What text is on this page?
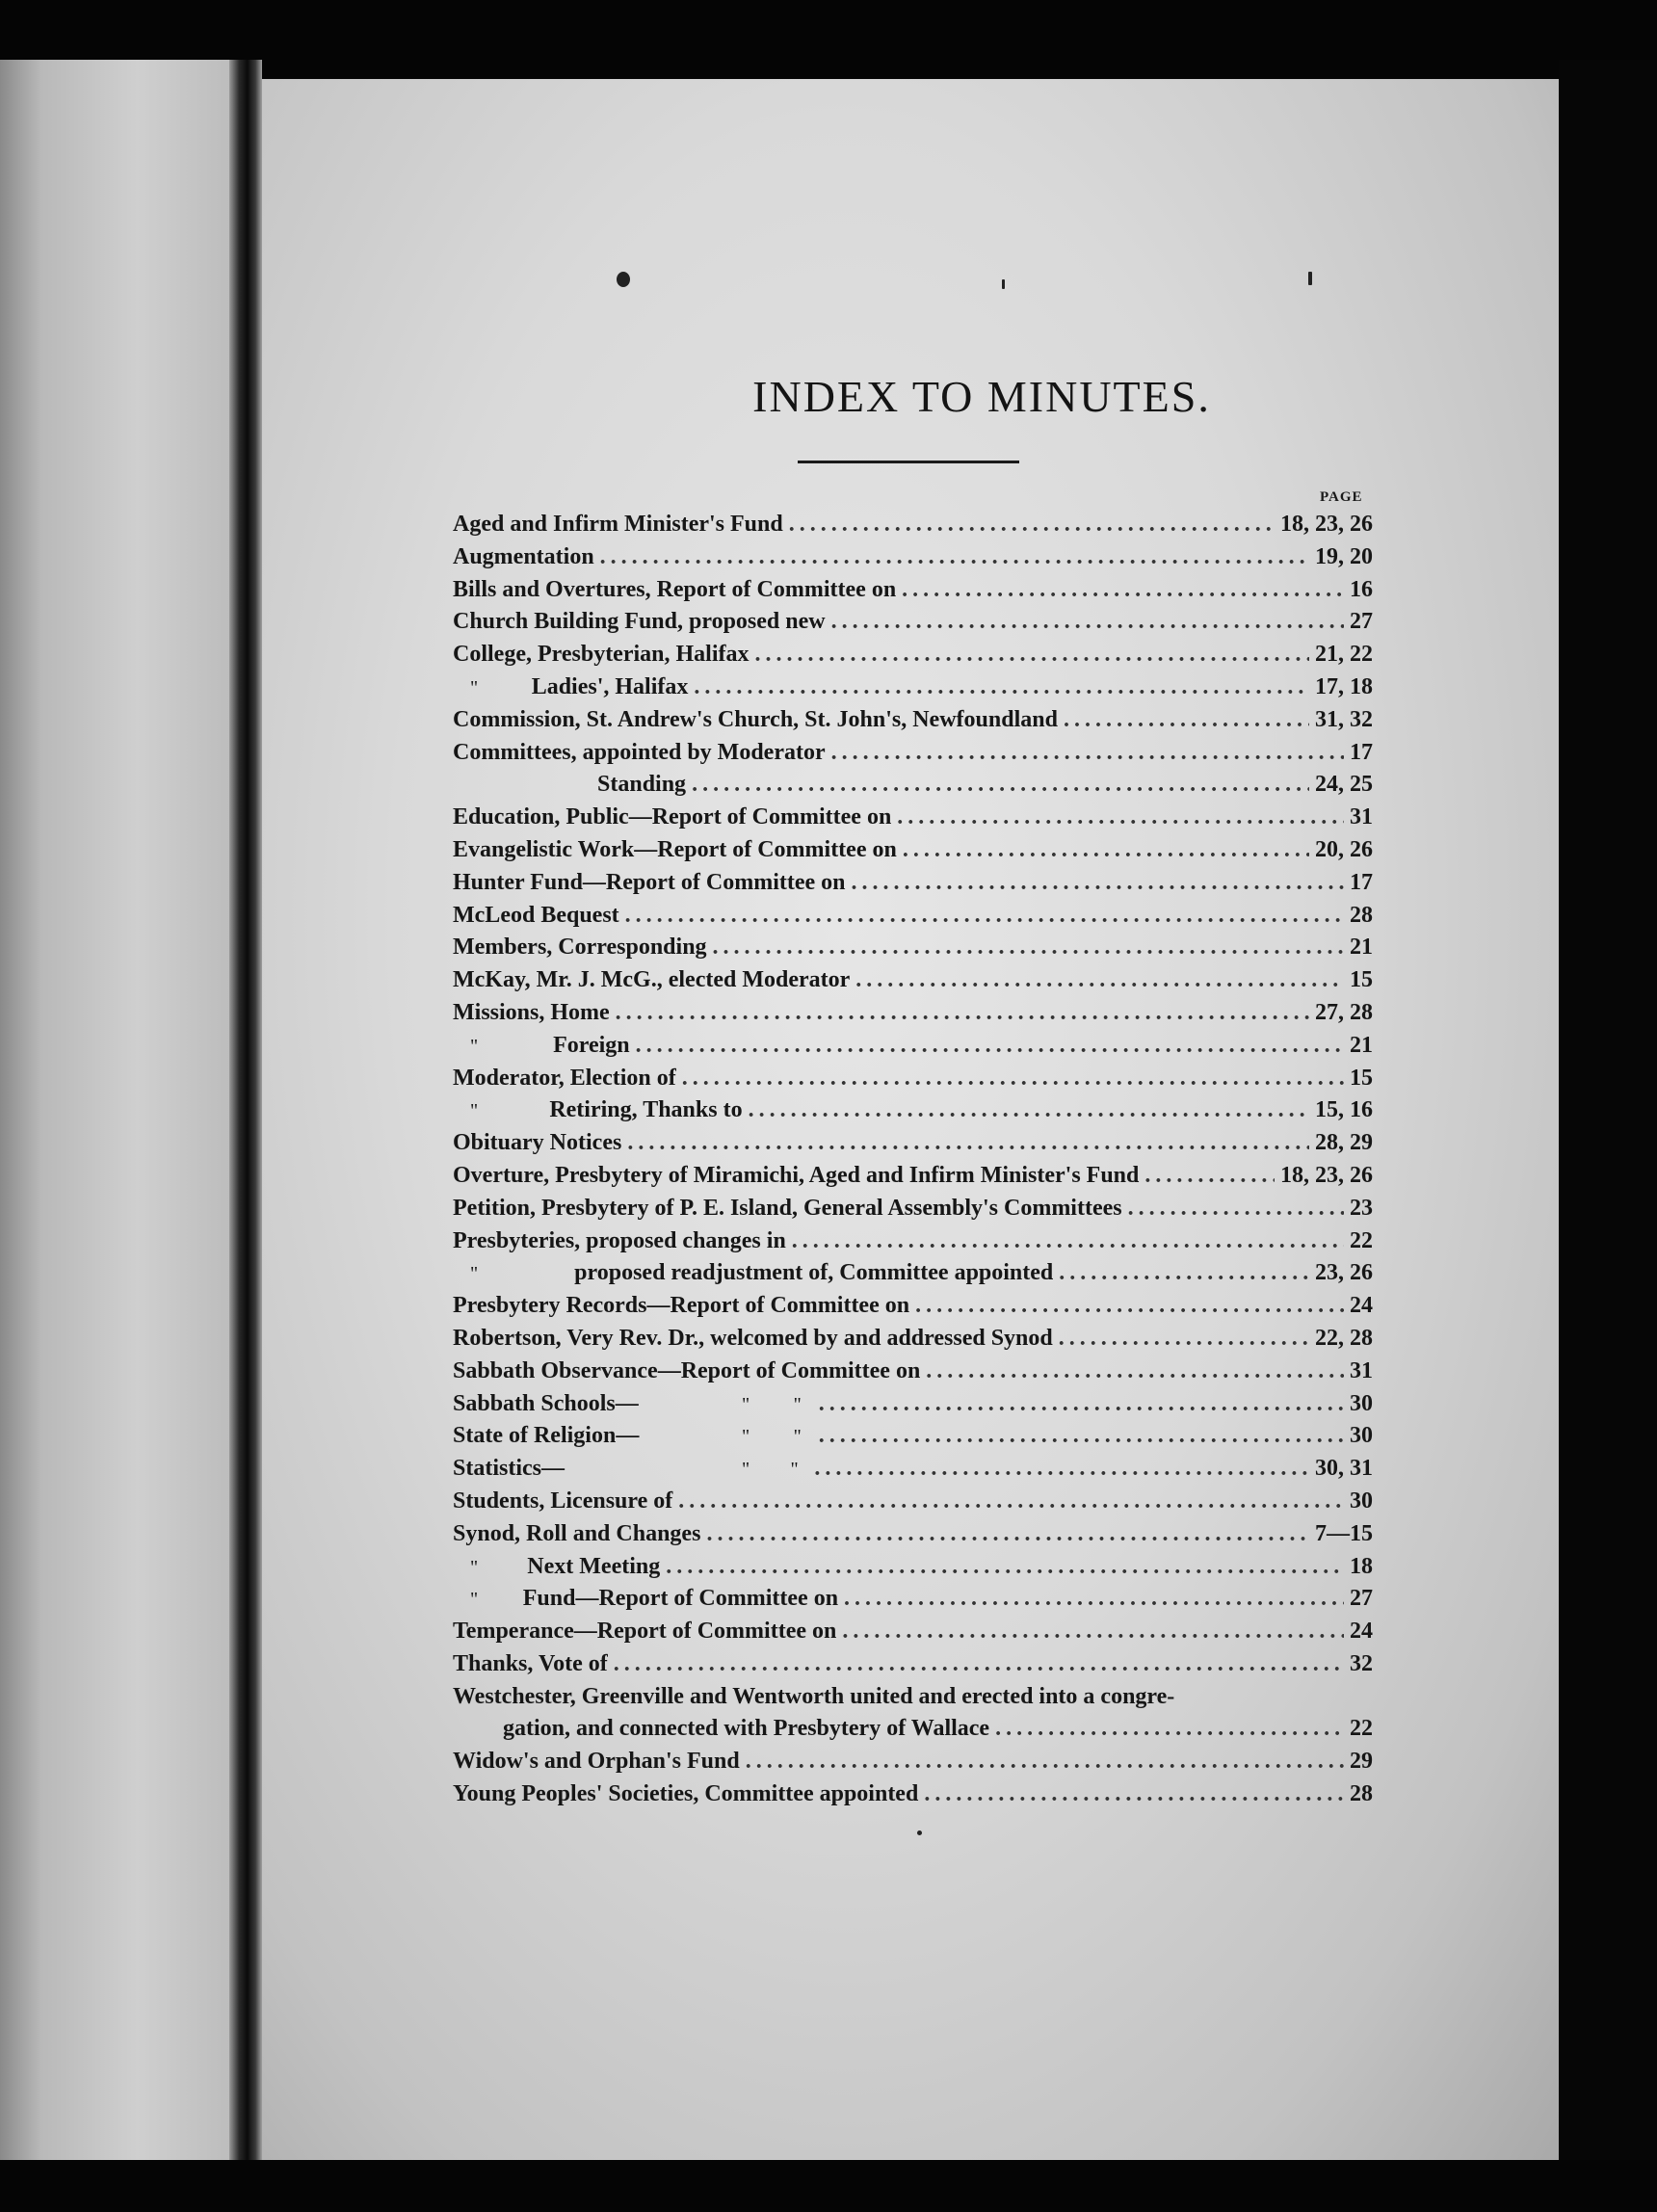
INDEX TO MINUTES.
PAGE
Aged and Infirm Minister's Fund .....	18, 23, 26
Augmentation .....	19, 20
Bills and Overtures, Report of Committee on .....	16
Church Building Fund, proposed new .....	27
College, Presbyterian, Halifax .....	21, 22
"	Ladies', Halifax .....	17, 18
Commission, St. Andrew's Church, St. John's, Newfoundland .....	31, 32
Committees, appointed by Moderator .....	17
Standing .....	24, 25
Education, Public—Report of Committee on .....	31
Evangelistic Work—Report of Committee on .....	20, 26
Hunter Fund—Report of Committee on .....	17
McLeod Bequest .....	28
Members, Corresponding .....	21
McKay, Mr. J. McG., elected Moderator .....	15
Missions, Home .....	27, 28
"	Foreign .....	21
Moderator, Election of .....	15
"	Retiring, Thanks to .....	15, 16
Obituary Notices .....	28, 29
Overture, Presbytery of Miramichi, Aged and Infirm Minister's Fund .....	18, 23, 26
Petition, Presbytery of P. E. Island, General Assembly's Committees .....	23
Presbyteries, proposed changes in .....	22
"	proposed readjustment of, Committee appointed .....	23, 26
Presbytery Records—Report of Committee on .....	24
Robertson, Very Rev. Dr., welcomed by and addressed Synod .....	22, 28
Sabbath Observance—Report of Committee on .....	31
Sabbath Schools—	"	" .....	30
State of Religion—	"	" .....	30
Statistics—	"	" .....	30, 31
Students, Licensure of .....	30
Synod, Roll and Changes .....	7—15
"	Next Meeting .....	18
"	Fund—Report of Committee on .....	27
Temperance—Report of Committee on .....	24
Thanks, Vote of .....	32
Westchester, Greenville and Wentworth united and erected into a congre-
gation, and connected with Presbytery of Wallace .....	22
Widow's and Orphan's Fund .....	29
Young Peoples' Societies, Committee appointed .....	28
